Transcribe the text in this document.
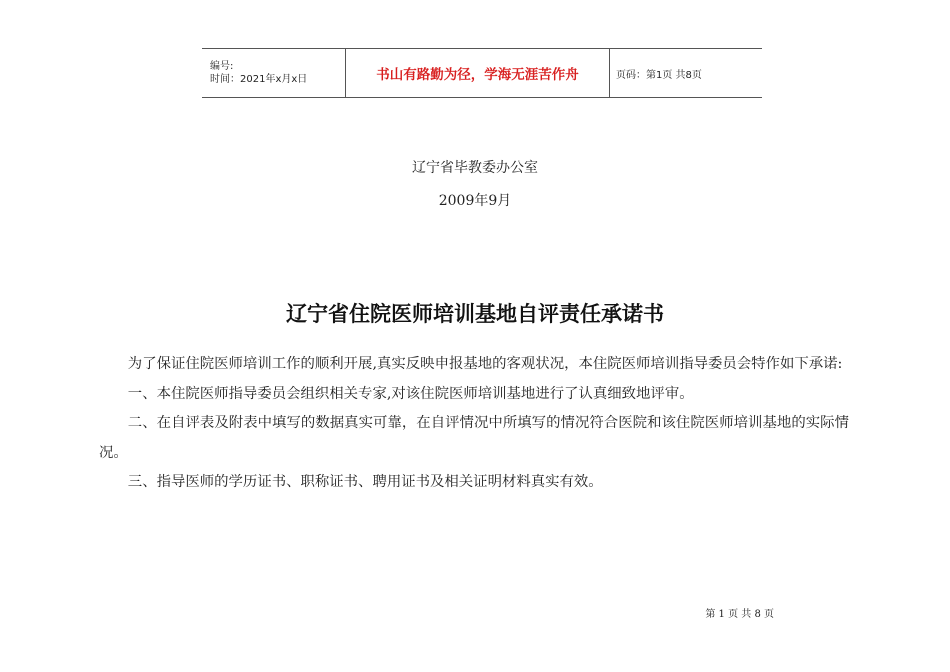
编号:
时间：2021年x月x日	书山有路勤为径，学海无涯苦作舟	页码：第1页 共8页
辽宁省毕教委办公室
2009年9月
辽宁省住院医师培训基地自评责任承诺书

为了保证住院医师培训工作的顺利开展,真实反映申报基地的客观状况，本住院医师培训指导委员会特作如下承诺:

一、本住院医师指导委员会组织相关专家,对该住院医师培训基地进行了认真细致地评审。

二、在自评表及附表中填写的数据真实可靠，在自评情况中所填写的情况符合医院和该住院医师培训基地的实际情况。

三、指导医师的学历证书、职称证书、聘用证书及相关证明材料真实有效。

第 1 页 共 8 页
